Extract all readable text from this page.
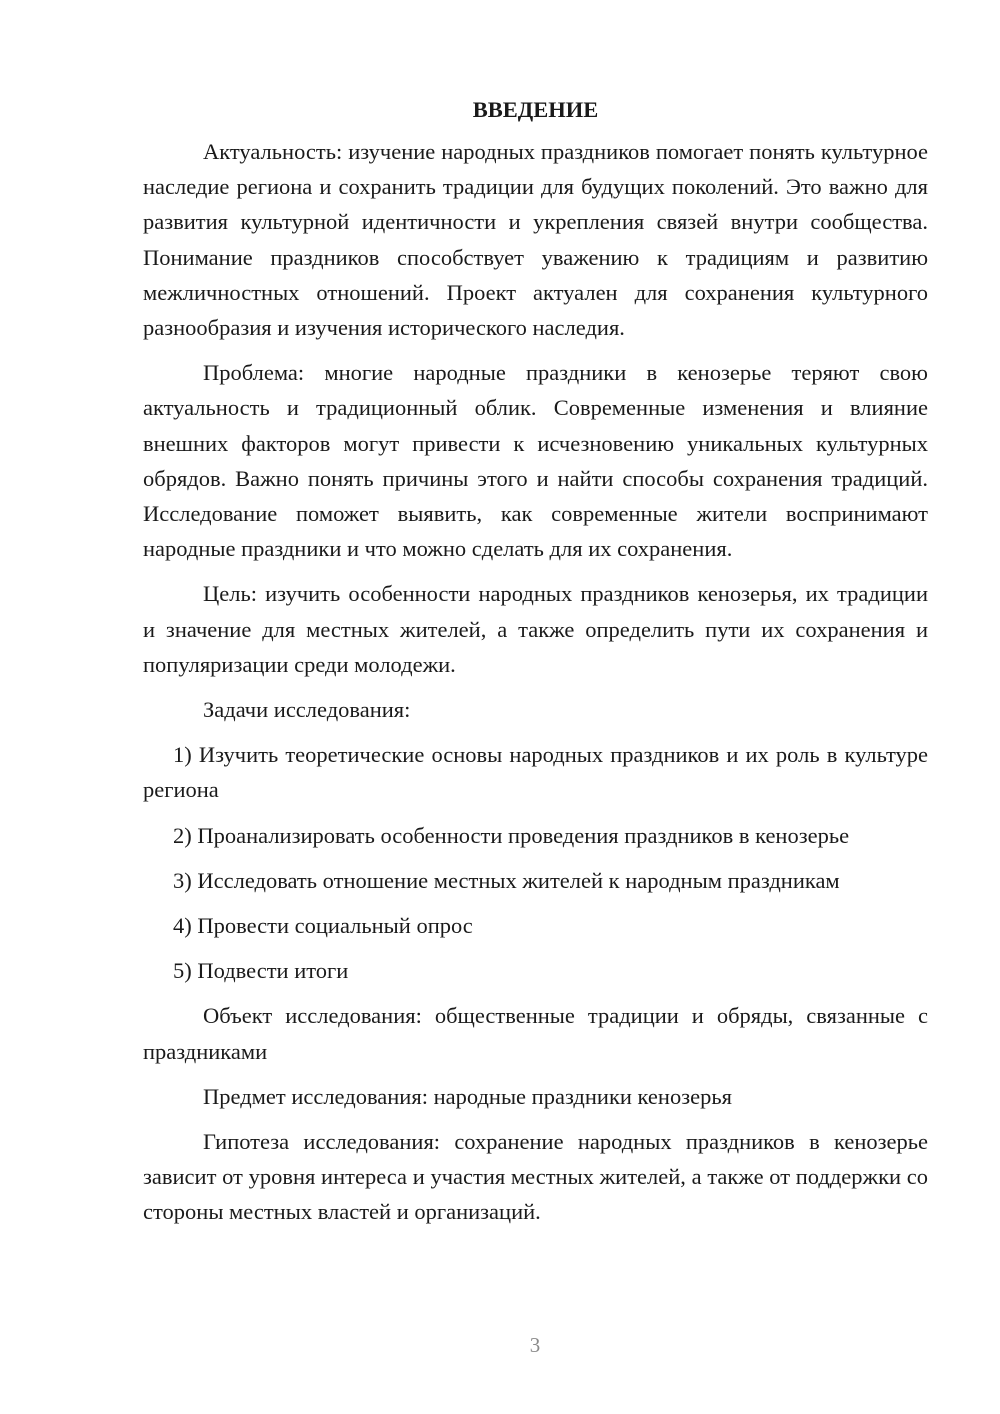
ВВЕДЕНИЕ

Актуальность: изучение народных праздников помогает понять культурное наследие региона и сохранить традиции для будущих поколений. Это важно для развития культурной идентичности и укрепления связей внутри сообщества. Понимание праздников способствует уважению к традициям и развитию межличностных отношений. Проект актуален для сохранения культурного разнообразия и изучения исторического наследия.

Проблема: многие народные праздники в кенозерье теряют свою актуальность и традиционный облик. Современные изменения и влияние внешних факторов могут привести к исчезновению уникальных культурных обрядов. Важно понять причины этого и найти способы сохранения традиций. Исследование поможет выявить, как современные жители воспринимают народные праздники и что можно сделать для их сохранения.

Цель: изучить особенности народных праздников кенозерья, их традиции и значение для местных жителей, а также определить пути их сохранения и популяризации среди молодежи.

Задачи исследования:

1) Изучить теоретические основы народных праздников и их роль в культуре региона

2) Проанализировать особенности проведения праздников в кенозерье

3) Исследовать отношение местных жителей к народным праздникам

4) Провести социальный опрос

5) Подвести итоги

Объект исследования: общественные традиции и обряды, связанные с праздниками

Предмет исследования: народные праздники кенозерья

Гипотеза исследования: сохранение народных праздников в кенозерье зависит от уровня интереса и участия местных жителей, а также от поддержки со стороны местных властей и организаций.

3
